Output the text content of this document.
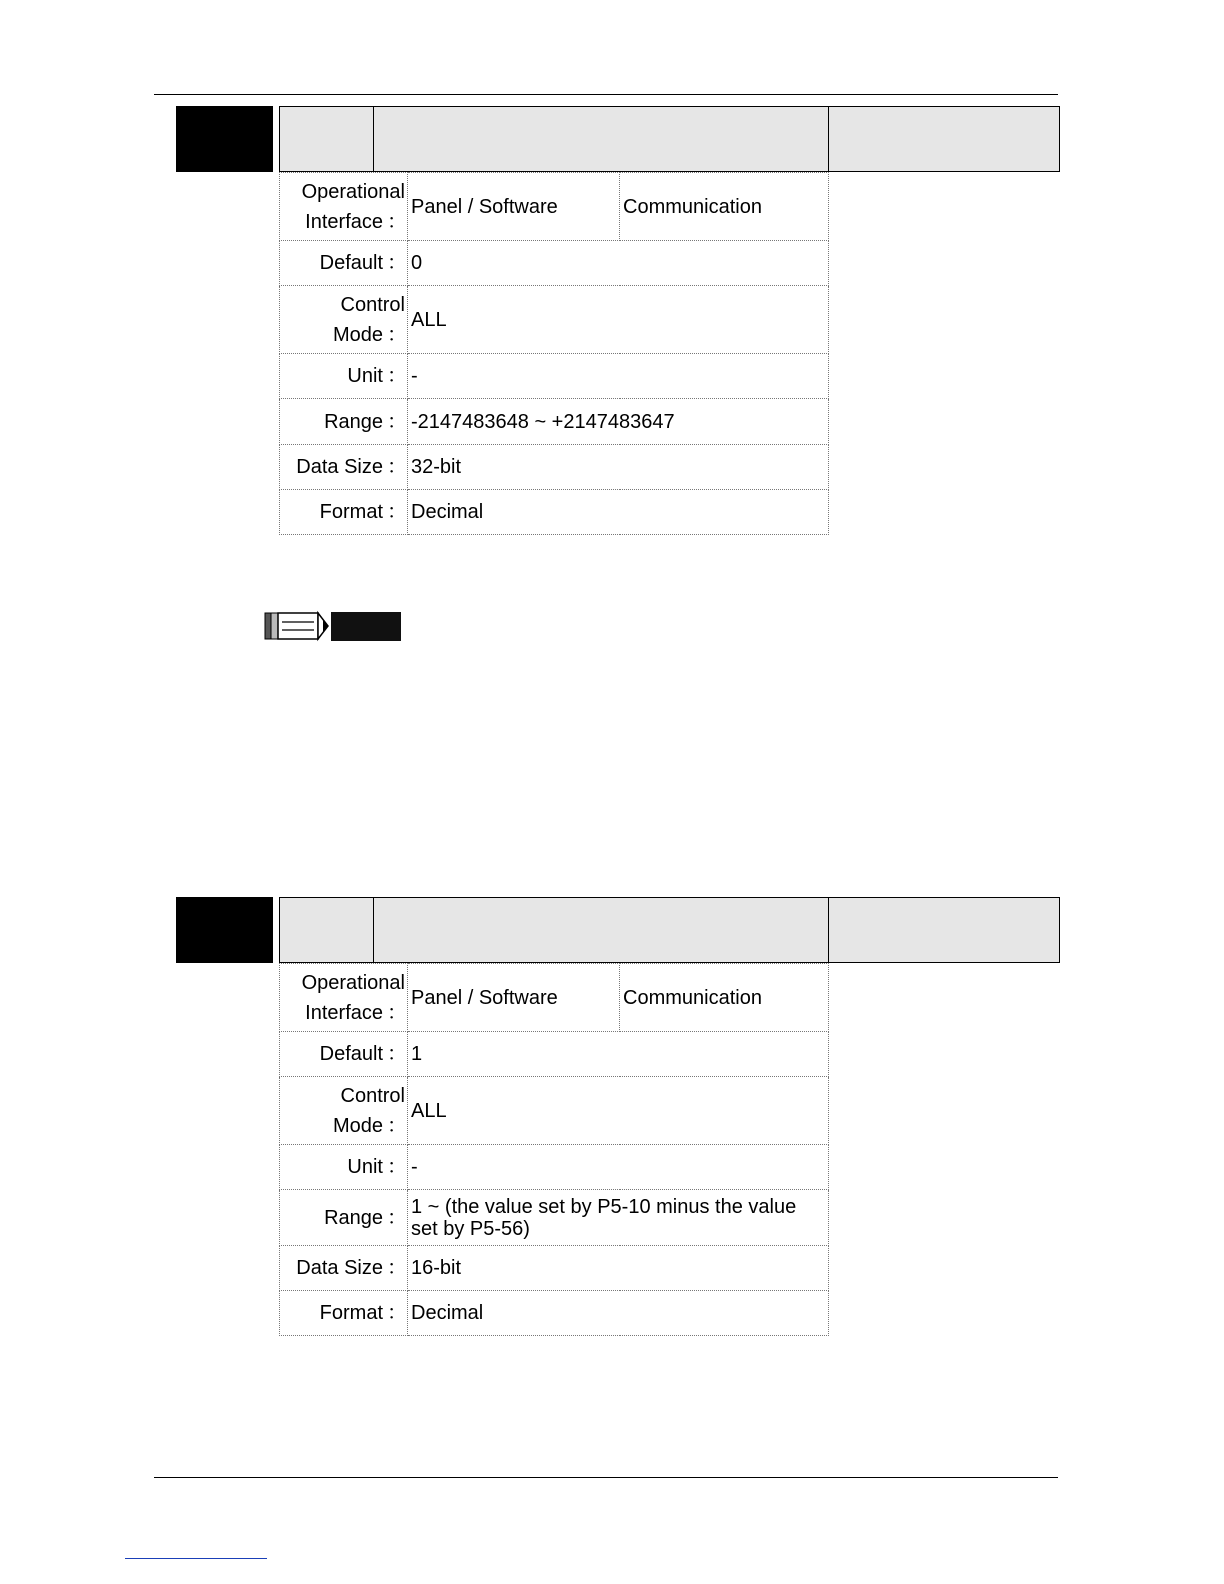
Operational
Interface ：	Panel / Software	Communication
Default ：	0	
Control
Mode ：	ALL	
Unit ：	-	
Range ：	-2147483648 ~ +2147483647	
Data Size ：	32-bit	
Format ：	Decimal	
Operational
Interface ：	Panel / Software	Communication
Default ：	1	
Control
Mode ：	ALL	
Unit ：	-	
Range ：	1 ~ (the value set by P5-10 minus the value
set by P5-56)	
Data Size ：	16-bit	
Format ：	Decimal	
